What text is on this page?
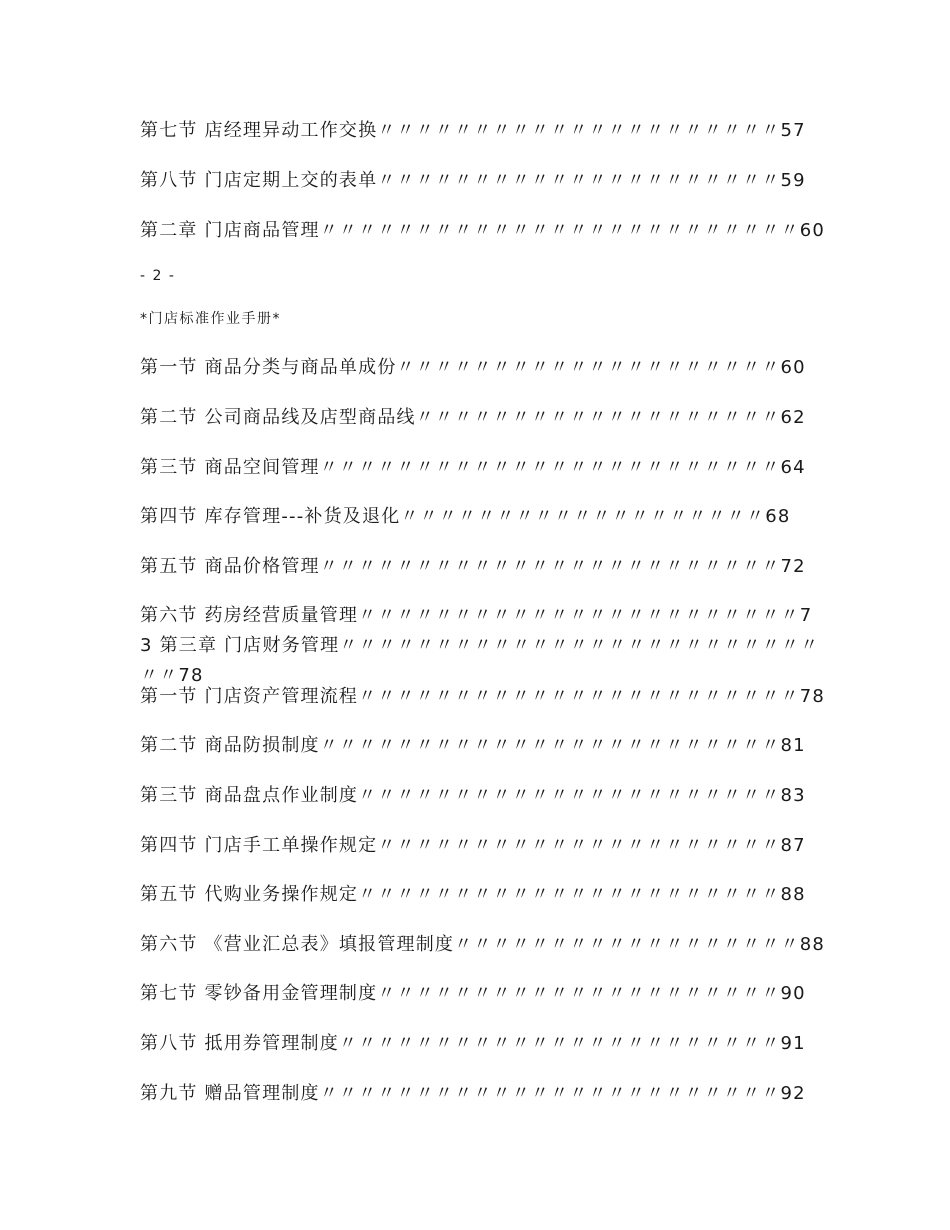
第七节 店经理异动工作交换〃〃〃〃〃〃〃〃〃〃〃〃〃〃〃〃〃〃〃〃〃57
第八节 门店定期上交的表单〃〃〃〃〃〃〃〃〃〃〃〃〃〃〃〃〃〃〃〃〃59
第二章 门店商品管理〃〃〃〃〃〃〃〃〃〃〃〃〃〃〃〃〃〃〃〃〃〃〃〃〃60
- 2 -
*门店标准作业手册*
第一节 商品分类与商品单成份〃〃〃〃〃〃〃〃〃〃〃〃〃〃〃〃〃〃〃〃60
第二节 公司商品线及店型商品线〃〃〃〃〃〃〃〃〃〃〃〃〃〃〃〃〃〃〃62
第三节 商品空间管理〃〃〃〃〃〃〃〃〃〃〃〃〃〃〃〃〃〃〃〃〃〃〃〃64
第四节 库存管理---补货及退化〃〃〃〃〃〃〃〃〃〃〃〃〃〃〃〃〃〃〃68
第五节 商品价格管理〃〃〃〃〃〃〃〃〃〃〃〃〃〃〃〃〃〃〃〃〃〃〃〃72
第六节 药房经营质量管理〃〃〃〃〃〃〃〃〃〃〃〃〃〃〃〃〃〃〃〃〃〃〃73 第三章 门店财务管理〃〃〃〃〃〃〃〃〃〃〃〃〃〃〃〃〃〃〃〃〃〃〃〃〃〃〃78
第一节 门店资产管理流程〃〃〃〃〃〃〃〃〃〃〃〃〃〃〃〃〃〃〃〃〃〃〃78
第二节 商品防损制度〃〃〃〃〃〃〃〃〃〃〃〃〃〃〃〃〃〃〃〃〃〃〃〃81
第三节 商品盘点作业制度〃〃〃〃〃〃〃〃〃〃〃〃〃〃〃〃〃〃〃〃〃〃83
第四节 门店手工单操作规定〃〃〃〃〃〃〃〃〃〃〃〃〃〃〃〃〃〃〃〃〃87
第五节 代购业务操作规定〃〃〃〃〃〃〃〃〃〃〃〃〃〃〃〃〃〃〃〃〃〃88
第六节 《营业汇总表》填报管理制度〃〃〃〃〃〃〃〃〃〃〃〃〃〃〃〃〃〃88
第七节 零钞备用金管理制度〃〃〃〃〃〃〃〃〃〃〃〃〃〃〃〃〃〃〃〃〃90
第八节 抵用券管理制度〃〃〃〃〃〃〃〃〃〃〃〃〃〃〃〃〃〃〃〃〃〃〃91
第九节 赠品管理制度〃〃〃〃〃〃〃〃〃〃〃〃〃〃〃〃〃〃〃〃〃〃〃〃92
